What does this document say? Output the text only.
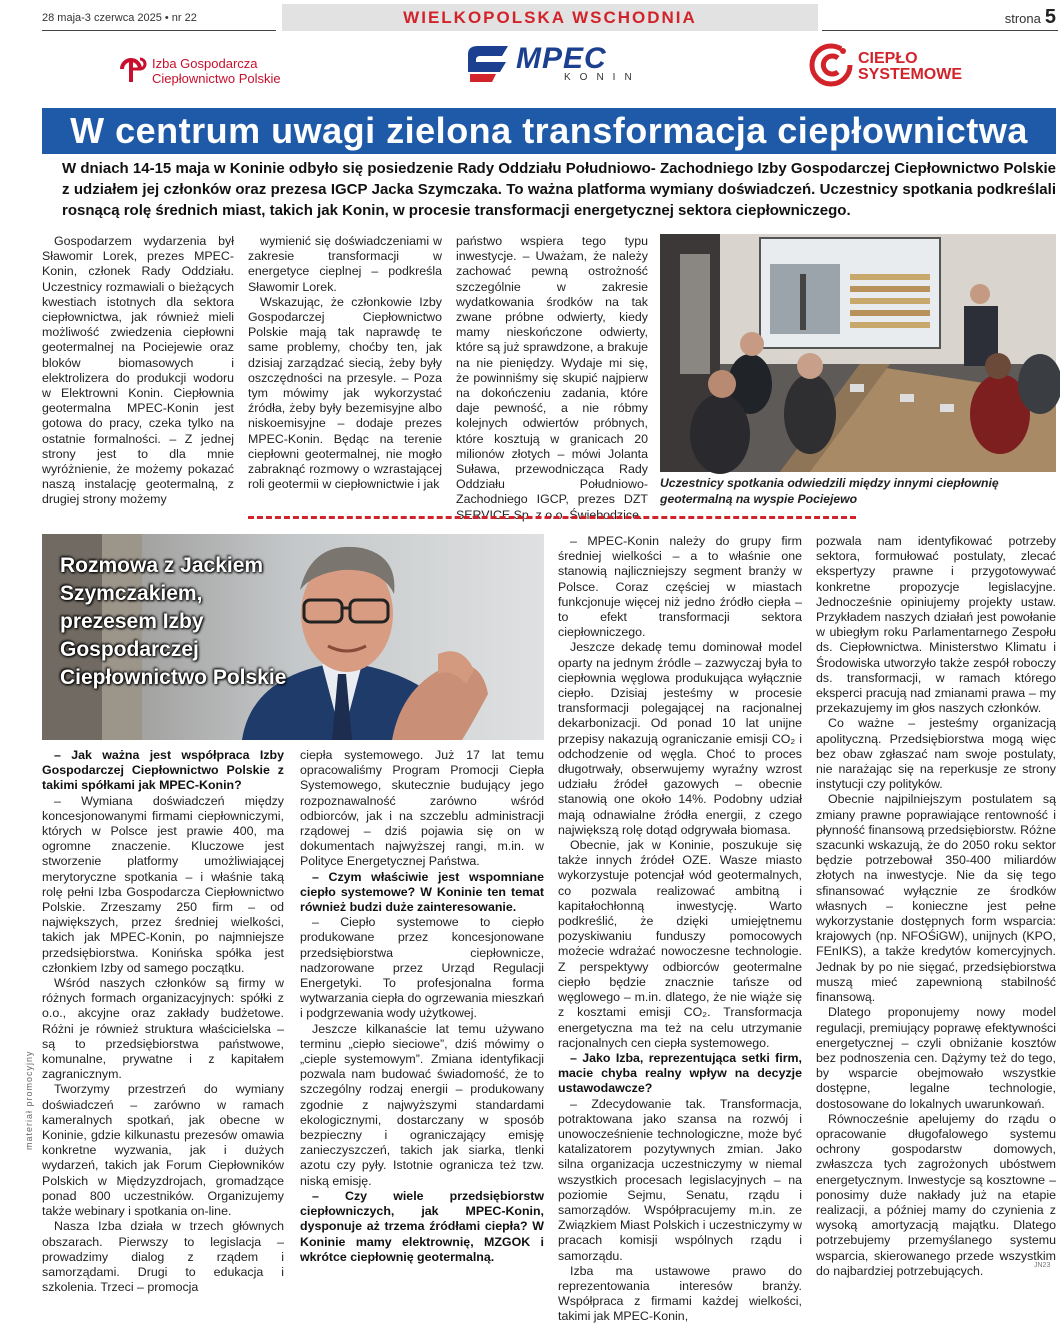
28 maja-3 czerwca 2025 • nr 22	WIELKOPOLSKA WSCHODNIA	strona 5
Izba Gospodarcza
Ciepłownictwo Polskie
MPEC
KONIN
CIEPŁO
SYSTEMOWE
W centrum uwagi zielona transformacja ciepłownictwa
W dniach 14-15 maja w Koninie odbyło się posiedzenie Rady Oddziału Południowo- Zachodniego Izby Gospodarczej Ciepłownictwo Polskie z udziałem jej członków oraz prezesa IGCP Jacka Szymczaka. To ważna platforma wymiany doświadczeń. Uczestnicy spotkania podkreślali rosnącą rolę średnich miast, takich jak Konin, w procesie transformacji energetycznej sektora ciepłowniczego.

Gospodarzem wydarzenia był Sławomir Lorek, prezes MPEC-Konin, członek Rady Oddziału. Uczestnicy rozmawiali o bieżących kwestiach istotnych dla sektora ciepłownictwa, jak również mieli możliwość zwiedzenia ciepłowni geotermalnej na Pociejewie oraz bloków biomasowych i elektrolizera do produkcji wodoru w Elektrowni Konin. Ciepłownia geotermalna MPEC-Konin jest gotowa do pracy, czeka tylko na ostatnie formalności. – Z jednej strony jest to dla mnie wyróżnienie, że możemy pokazać naszą instalację geotermalną, z drugiej strony możemy

wymienić się doświadczeniami w zakresie transformacji w energetyce cieplnej – podkreśla Sławomir Lorek.

Wskazując, że członkowie Izby Gospodarczej Ciepłownictwo Polskie mają tak naprawdę te same problemy, choćby ten, jak dzisiaj zarządzać siecią, żeby były oszczędności na przesyle. – Poza tym mówimy jak wykorzystać źródła, żeby były bezemisyjne albo niskoemisyjne – dodaje prezes MPEC-Konin. Będąc na terenie ciepłowni geotermalnej, nie mogło zabraknąć rozmowy o wzrastającej roli geotermii w ciepłownictwie i jak

państwo wspiera tego typu inwestycje. – Uważam, że należy zachować pewną ostrożność szczególnie w zakresie wydatkowania środków na tak zwane próbne odwierty, kiedy mamy nieskończone odwierty, które są już sprawdzone, a brakuje na nie pieniędzy. Wydaje mi się, że powinniśmy się skupić najpierw na dokończeniu zadania, które daje pewność, a nie róbmy kolejnych odwiertów próbnych, które kosztują w granicach 20 milionów złotych – mówi Jolanta Suława, przewodnicząca Rady Oddziału Południowo-Zachodniego IGCP, prezes DZT SERVICE Sp. z o.o. Świebodzice.

Uczestnicy spotkania odwiedzili między innymi ciepłownię geotermalną na wyspie Pociejewo
Rozmowa z Jackiem Szymczakiem, prezesem Izby Gospodarczej Ciepłownictwo Polskie

– Jak ważna jest współpraca Izby Gospodarczej Ciepłownictwo Polskie z takimi spółkami jak MPEC-Konin?

– Wymiana doświadczeń między koncesjonowanymi firmami ciepłowniczymi, których w Polsce jest prawie 400, ma ogromne znaczenie. Kluczowe jest stworzenie platformy umożliwiającej merytoryczne spotkania – i właśnie taką rolę pełni Izba Gospodarcza Ciepłownictwo Polskie. Zrzeszamy 250 firm – od największych, przez średniej wielkości, takich jak MPEC-Konin, po najmniejsze przedsiębiorstwa. Konińska spółka jest członkiem Izby od samego początku.

Wśród naszych członków są firmy w różnych formach organizacyjnych: spółki z o.o., akcyjne oraz zakłady budżetowe. Różni je również struktura właścicielska – są to przedsiębiorstwa państwowe, komunalne, prywatne i z kapitałem zagranicznym.

Tworzymy przestrzeń do wymiany doświadczeń – zarówno w ramach kameralnych spotkań, jak obecne w Koninie, gdzie kilkunastu prezesów omawia konkretne wyzwania, jak i dużych wydarzeń, takich jak Forum Ciepłowników Polskich w Międzyzdrojach, gromadzące ponad 800 uczestników. Organizujemy także webinary i spotkania on-line.

Nasza Izba działa w trzech głównych obszarach. Pierwszy to legislacja – prowadzimy dialog z rządem i samorządami. Drugi to edukacja i szkolenia. Trzeci – promocja

ciepła systemowego. Już 17 lat temu opracowaliśmy Program Promocji Ciepła Systemowego, skutecznie budujący jego rozpoznawalność zarówno wśród odbiorców, jak i na szczeblu administracji rządowej – dziś pojawia się on w dokumentach najwyższej rangi, m.in. w Polityce Energetycznej Państwa.

– Czym właściwie jest wspomniane ciepło systemowe? W Koninie ten temat również budzi duże zainteresowanie.

– Ciepło systemowe to ciepło produkowane przez koncesjonowane przedsiębiorstwa ciepłownicze, nadzorowane przez Urząd Regulacji Energetyki. To profesjonalna forma wytwarzania ciepła do ogrzewania mieszkań i podgrzewania wody użytkowej.

Jeszcze kilkanaście lat temu używano terminu „ciepło sieciowe”, dziś mówimy o „cieple systemowym”. Zmiana identyfikacji pozwala nam budować świadomość, że to szczególny rodzaj energii – produkowany zgodnie z najwyższymi standardami ekologicznymi, dostarczany w sposób bezpieczny i ograniczający emisję zanieczyszczeń, takich jak siarka, tlenki azotu czy pyły. Istotnie ogranicza też tzw. niską emisję.

– Czy wiele przedsiębiorstw ciepłowniczych, jak MPEC-Konin, dysponuje aż trzema źródłami ciepła? W Koninie mamy elektrownię, MZGOK i wkrótce ciepłownię geotermalną.

– MPEC-Konin należy do grupy firm średniej wielkości – a to właśnie one stanowią najliczniejszy segment branży w Polsce. Coraz częściej w miastach funkcjonuje więcej niż jedno źródło ciepła – to efekt transformacji sektora ciepłowniczego.

Jeszcze dekadę temu dominował model oparty na jednym źródle – zazwyczaj była to ciepłownia węglowa produkująca wyłącznie ciepło. Dzisiaj jesteśmy w procesie transformacji polegającej na racjonalnej dekarbonizacji. Od ponad 10 lat unijne przepisy nakazują ograniczanie emisji CO₂ i odchodzenie od węgla. Choć to proces długotrwały, obserwujemy wyraźny wzrost udziału źródeł gazowych – obecnie stanowią one około 14%. Podobny udział mają odnawialne źródła energii, z czego największą rolę dotąd odgrywała biomasa.

Obecnie, jak w Koninie, poszukuje się także innych źródeł OZE. Wasze miasto wykorzystuje potencjał wód geotermalnych, co pozwala realizować ambitną i kapitałochłonną inwestycję. Warto podkreślić, że dzięki umiejętnemu pozyskiwaniu funduszy pomocowych możecie wdrażać nowoczesne technologie. Z perspektywy odbiorców geotermalne ciepło będzie znacznie tańsze od węglowego – m.in. dlatego, że nie wiąże się z kosztami emisji CO₂. Transformacja energetyczna ma też na celu utrzymanie racjonalnych cen ciepła systemowego.

– Jako Izba, reprezentująca setki firm, macie chyba realny wpływ na decyzje ustawodawcze?

– Zdecydowanie tak. Transformacja, potraktowana jako szansa na rozwój i unowocześnienie technologiczne, może być katalizatorem pozytywnych zmian. Jako silna organizacja uczestniczymy w niemal wszystkich procesach legislacyjnych – na poziomie Sejmu, Senatu, rządu i samorządów. Współpracujemy m.in. ze Związkiem Miast Polskich i uczestniczymy w pracach komisji wspólnych rządu i samorządu.

Izba ma ustawowe prawo do reprezentowania interesów branży. Współpraca z firmami każdej wielkości, takimi jak MPEC-Konin,

pozwala nam identyfikować potrzeby sektora, formułować postulaty, zlecać ekspertyzy prawne i przygotowywać konkretne propozycje legislacyjne. Jednocześnie opiniujemy projekty ustaw. Przykładem naszych działań jest powołanie w ubiegłym roku Parlamentarnego Zespołu ds. Ciepłownictwa. Ministerstwo Klimatu i Środowiska utworzyło także zespół roboczy ds. transformacji, w ramach którego eksperci pracują nad zmianami prawa – my przekazujemy im głos naszych członków.

Co ważne – jesteśmy organizacją apolityczną. Przedsiębiorstwa mogą więc bez obaw zgłaszać nam swoje postulaty, nie narażając się na reperkusje ze strony instytucji czy polityków.

Obecnie najpilniejszym postulatem są zmiany prawne poprawiające rentowność i płynność finansową przedsiębiorstw. Różne szacunki wskazują, że do 2050 roku sektor będzie potrzebował 350-400 miliardów złotych na inwestycje. Nie da się tego sfinansować wyłącznie ze środków własnych – konieczne jest pełne wykorzystanie dostępnych form wsparcia: krajowych (np. NFOŚiGW), unijnych (KPO, FEnIKS), a także kredytów komercyjnych. Jednak by po nie sięgać, przedsiębiorstwa muszą mieć zapewnioną stabilność finansową.

Dlatego proponujemy nowy model regulacji, premiujący poprawę efektywności energetycznej – czyli obniżanie kosztów bez podnoszenia cen. Dążymy też do tego, by wsparcie obejmowało wszystkie dostępne, legalne technologie, dostosowane do lokalnych uwarunkowań.

Równocześnie apelujemy do rządu o opracowanie długofalowego systemu ochrony gospodarstw domowych, zwłaszcza tych zagrożonych ubóstwem energetycznym. Inwestycje są kosztowne – ponosimy duże nakłady już na etapie realizacji, a później mamy do czynienia z wysoką amortyzacją majątku. Dlatego potrzebujemy przemyślanego systemu wsparcia, skierowanego przede wszystkim do najbardziej potrzebujących.

materiał promocyjny
JN23
